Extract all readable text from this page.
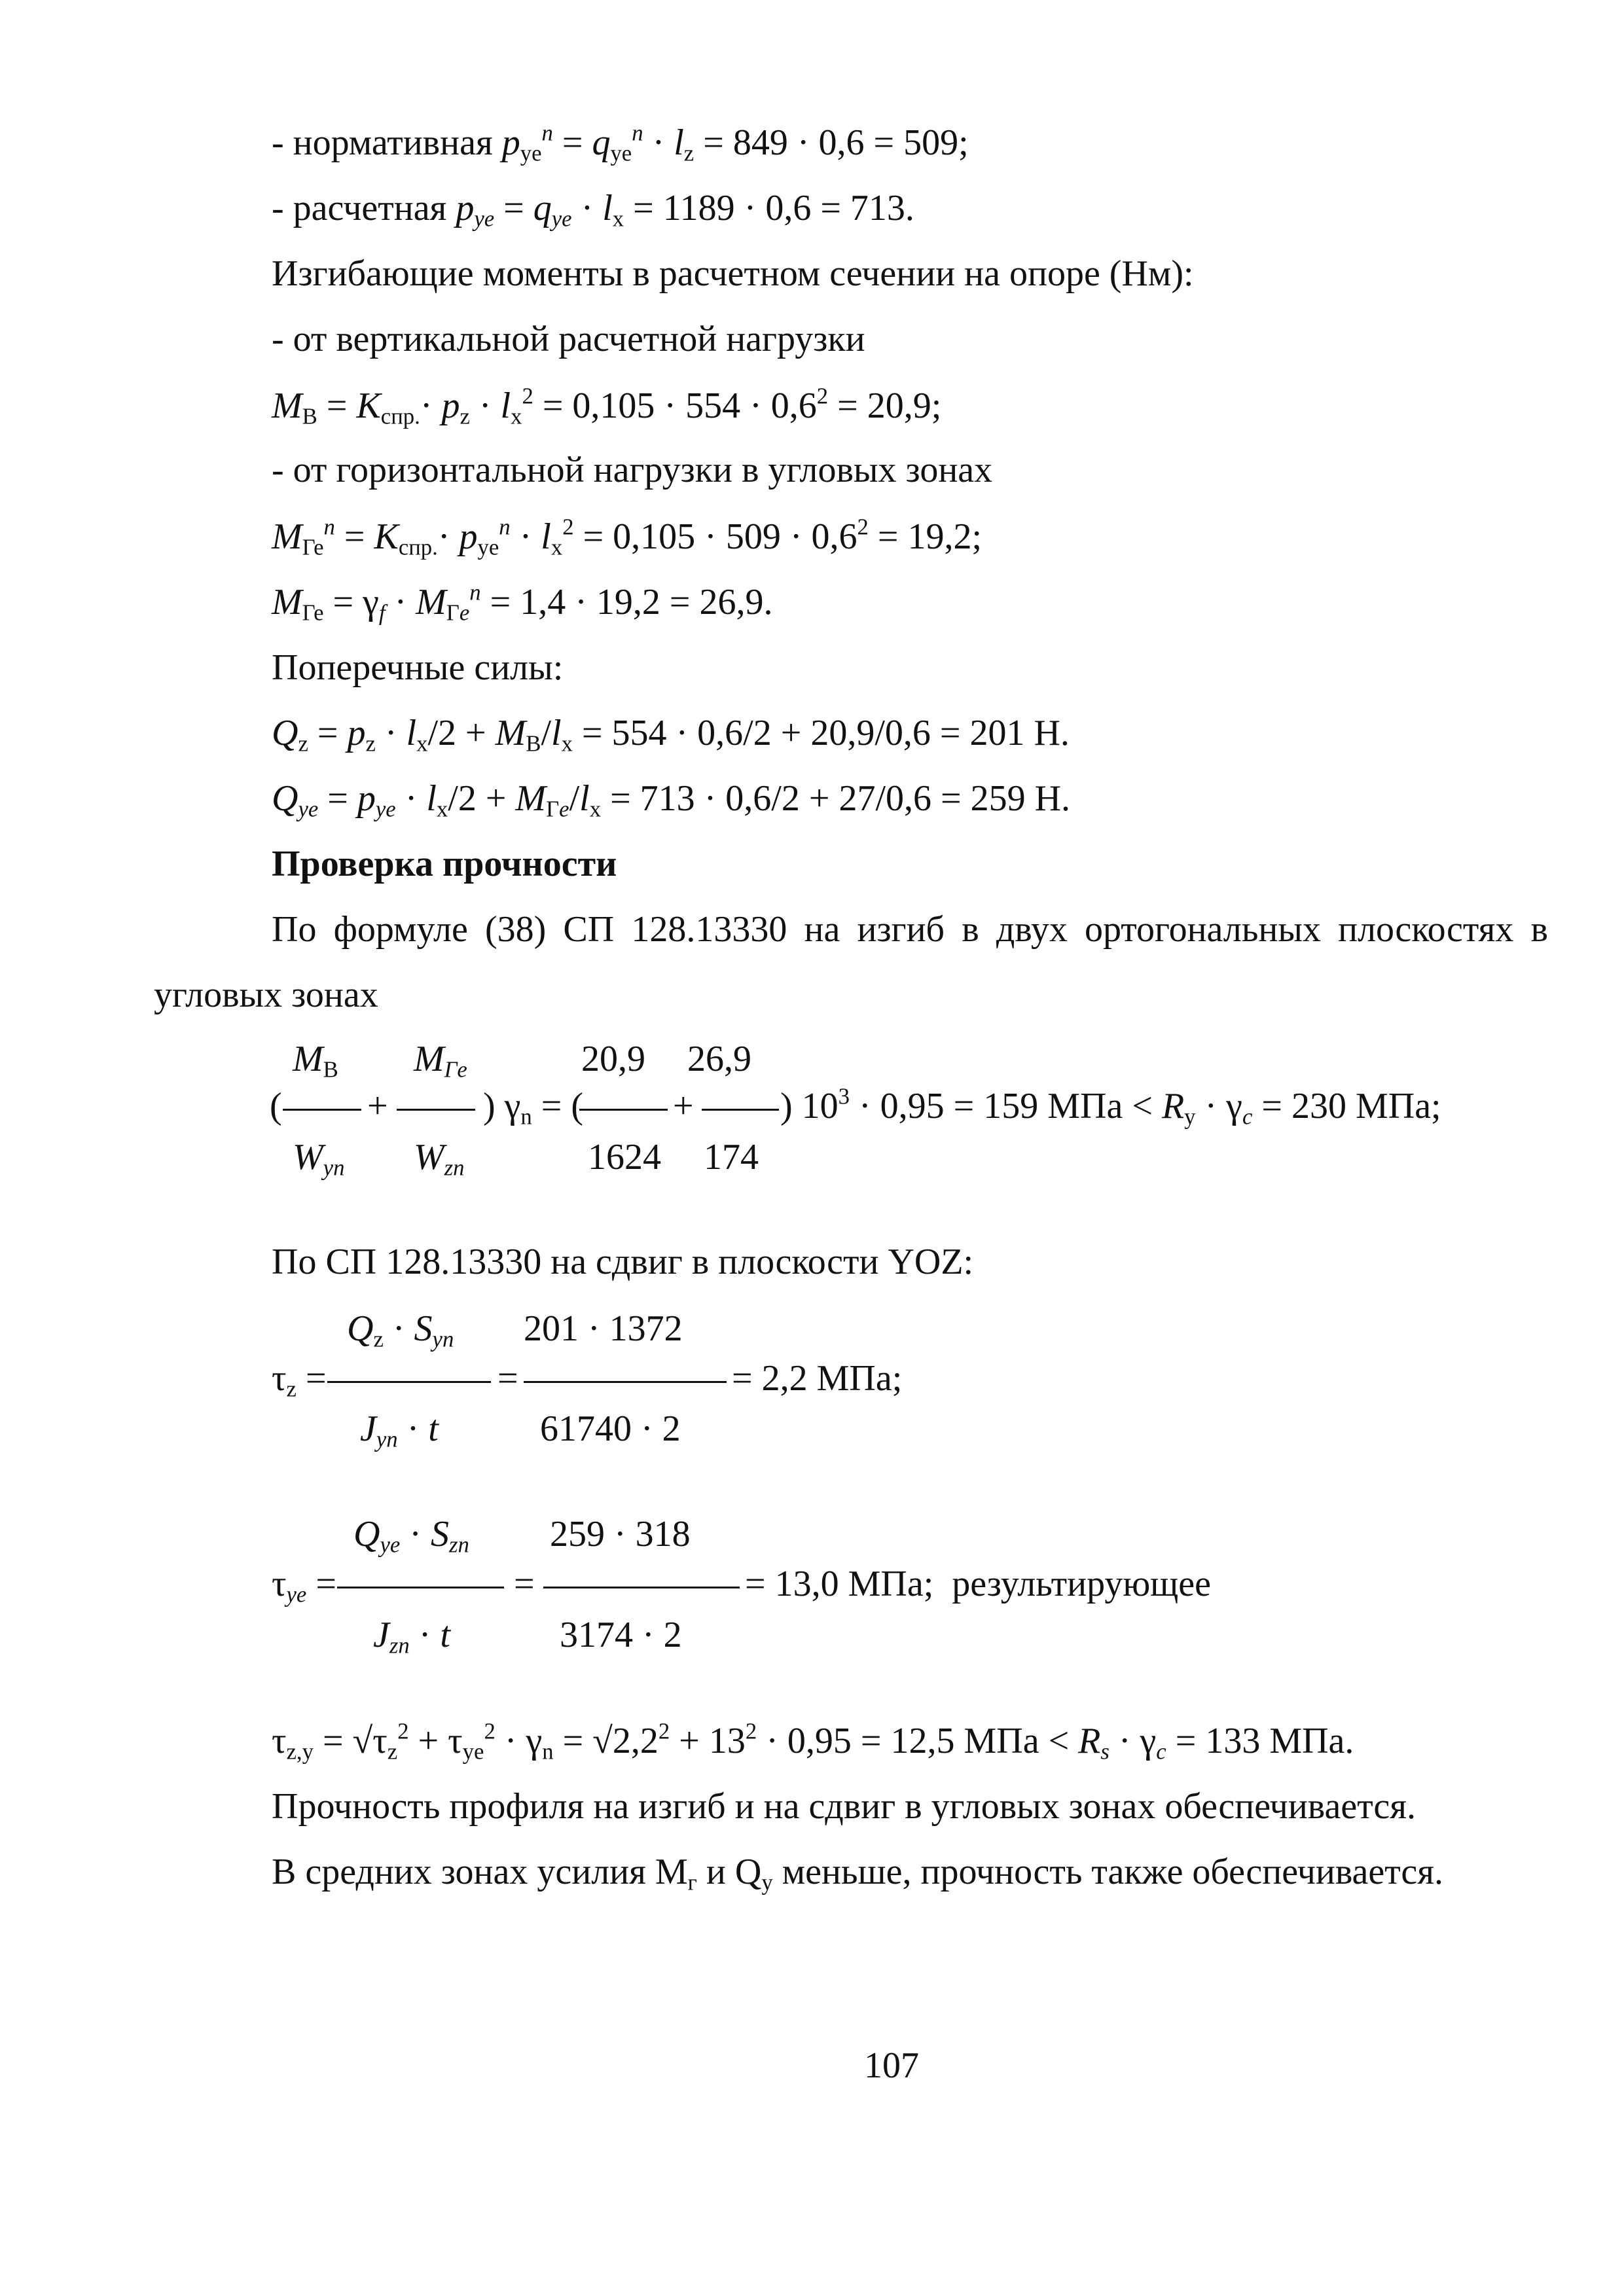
- нормативная $p_{ye}^n = q_{ye}^n \cdot l_z = 849 \cdot 0,6 = 509$;
- расчетная $p_{ye} = q_{ye} \cdot l_x = 1189 \cdot 0,6 = 713$.
Изгибающие моменты в расчетном сечении на опоре (Нм):
- от вертикальной расчетной нагрузки
$M_В = K_{спр.}\cdot p_z \cdot l_x^2 = 0,105 \cdot 554 \cdot 0,6^2 = 20,9$;
- от горизонтальной нагрузки в угловых зонах
$M_{Ге}^n = K_{спр.}\cdot p_{ye}^n \cdot l_x^2 = 0,105 \cdot 509 \cdot 0,6^2 = 19,2$;
$M_{Ге} = \gamma_f \cdot M_{Гe}^n = 1,4 \cdot 19,2 = 26,9$.
Поперечные силы:
$Q_z = p_z \cdot l_x/2 + M_В/l_x = 554 \cdot 0,6/2 + 20,9/0,6 = 201$ Н.
$Q_{ye} = p_{ye} \cdot l_x/2 + M_{Гe}/l_x = 713 \cdot 0,6/2 + 27/0,6 = 259$ Н.
Проверка прочности
По формуле (38) СП 128.13330 на изгиб в двух ортогональных плоскостях в
угловых зонах
$M_В$ $M_{Гe}$	20,9 26,9
( +	) $\gamma_n$ = ( + ) $10^3 \cdot 0,95 = 159$ МПа < $R_y \cdot \gamma_c = 230$ МПа;
$W_{yn}$ $W_{zn}$	1624 174
По СП 128.13330 на сдвиг в плоскости YOZ:
$Q_z \cdot S_{yn}$ 201 · 1372
$\tau_z$ =	=	= 2,2 МПа;
$J_{yn} \cdot t$	61740 · 2
$Q_{ye} \cdot S_{zn}$ 259 · 318
$\tau_{ye}$ =	=	= 13,0 МПа;  результирующее
$J_{zn} \cdot t$	3174 · 2
$\tau_{z,y} = √\tau_z^2 + \tau_{ye}^2 \cdot \gamma_n = √2,2^2 + 13^2 \cdot 0,95 = 12,5$ МПа < $R_s \cdot \gamma_c = 133$ МПа.
Прочность профиля на изгиб и на сдвиг в угловых зонах обеспечивается.
В средних зонах усилия $М_г$ и $Q_y$ меньше, прочность также обеспечивается.
107
